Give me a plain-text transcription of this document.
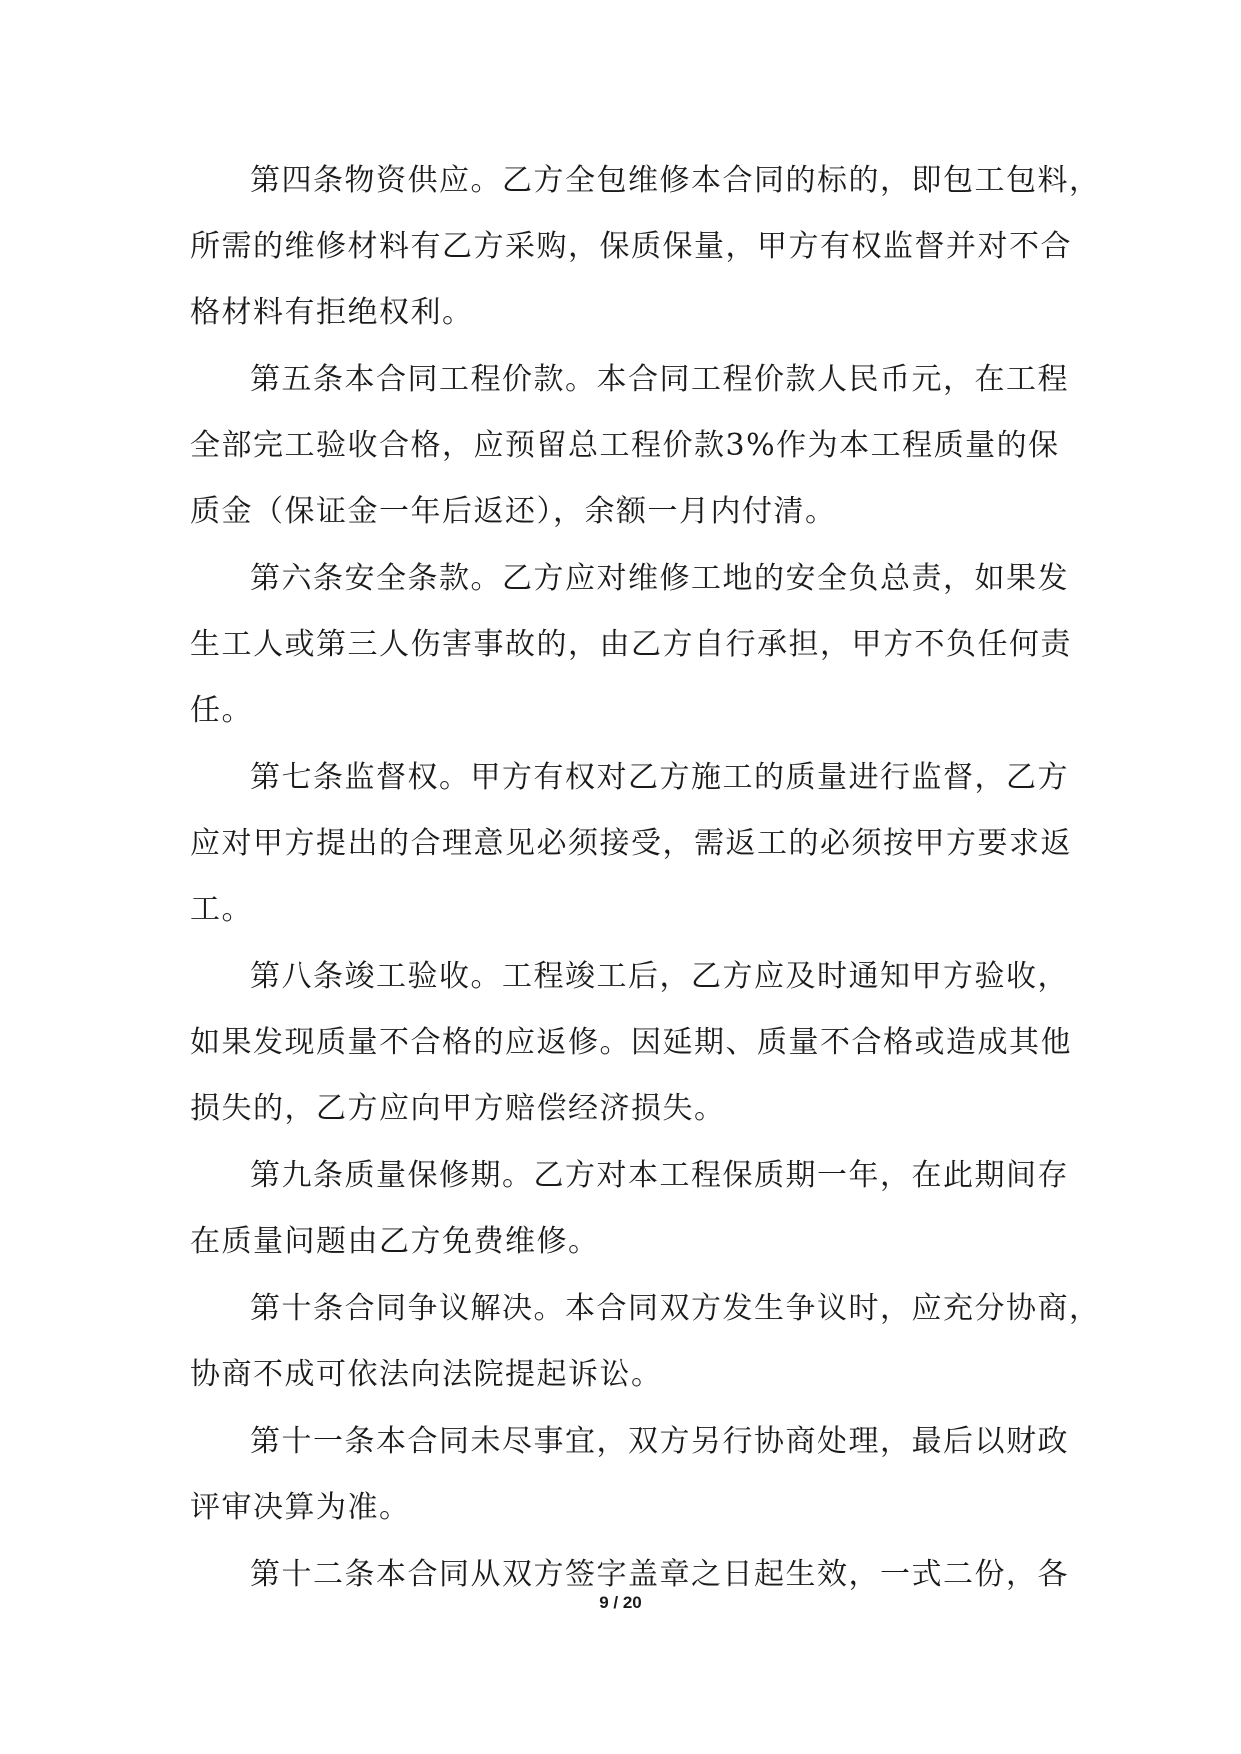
第四条物资供应。乙方全包维修本合同的标的，即包工包料，
所需的维修材料有乙方采购，保质保量，甲方有权监督并对不合
格材料有拒绝权利。
第五条本合同工程价款。本合同工程价款人民币元，在工程
全部完工验收合格，应预留总工程价款3%作为本工程质量的保
质金（保证金一年后返还），余额一月内付清。
第六条安全条款。乙方应对维修工地的安全负总责，如果发
生工人或第三人伤害事故的，由乙方自行承担，甲方不负任何责
任。
第七条监督权。甲方有权对乙方施工的质量进行监督，乙方
应对甲方提出的合理意见必须接受，需返工的必须按甲方要求返
工。
第八条竣工验收。工程竣工后，乙方应及时通知甲方验收，
如果发现质量不合格的应返修。因延期、质量不合格或造成其他
损失的，乙方应向甲方赔偿经济损失。
第九条质量保修期。乙方对本工程保质期一年，在此期间存
在质量问题由乙方免费维修。
第十条合同争议解决。本合同双方发生争议时，应充分协商，
协商不成可依法向法院提起诉讼。
第十一条本合同未尽事宜，双方另行协商处理，最后以财政
评审决算为准。
第十二条本合同从双方签字盖章之日起生效，一式二份，各
9 / 20
